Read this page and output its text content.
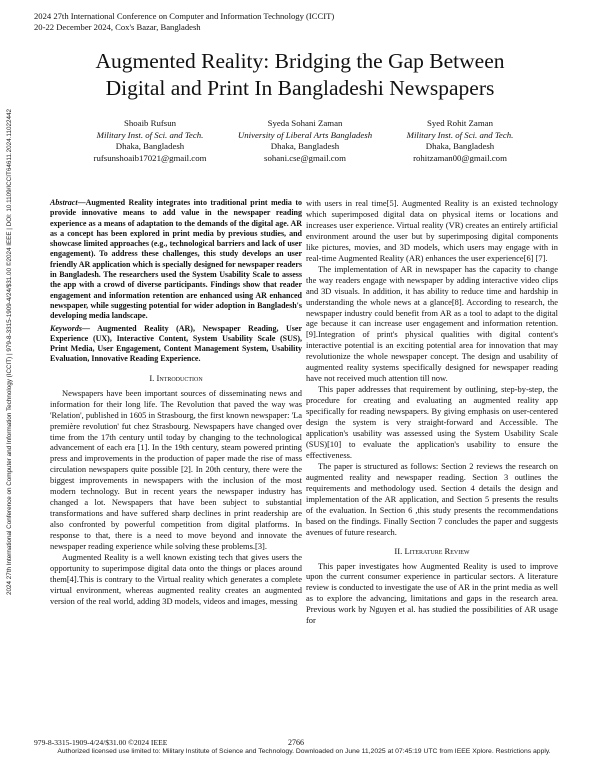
2024 27th International Conference on Computer and Information Technology (ICCIT)
20-22 December 2024, Cox's Bazar, Bangladesh
2024 27th International Conference on Computer and Information Technology (ICCIT) | 979-8-3315-1909-4/24/$31.00 ©2024 IEEE | DOI: 10.1109/ICCIT64611.2024.11022442
Augmented Reality: Bridging the Gap Between
Digital and Print In Bangladeshi Newspapers
Shoaib Rufsun
Military Inst. of Sci. and Tech.
Dhaka, Bangladesh
rufsunshoaib17021@gmail.com
Syeda Sohani Zaman
University of Liberal Arts Bangladesh
Dhaka, Bangladesh
sohani.cse@gmail.com
Syed Rohit Zaman
Military Inst. of Sci. and Tech.
Dhaka, Bangladesh
rohitzaman00@gmail.com
Abstract—Augmented Reality integrates into traditional print media to provide innovative means to add value in the newspaper reading experience as a means of adaptation to the demands of the digital age. AR as a concept has been explored in print media by previous studies, and showcase limited approaches (e.g., technological barriers and lack of user engagement). To address these challenges, this study develops an user friendly AR application which is specially designed for newspaper readers in Bangladesh. The researchers used the System Usability Scale to assess the app with a crowd of diverse participants. Findings show that reader engagement and information retention are enhanced using AR enhanced newspaper, while suggesting potential for wider adoption in Bangladesh's developing media landscape.
Keywords— Augmented Reality (AR), Newspaper Reading, User Experience (UX), Interactive Content, System Usability Scale (SUS), Print Media, User Engagement, Content Management System, Usability Evaluation, Innovative Reading Experience.
I. Introduction

Newspapers have been important sources of disseminating news and information for their long life. The Revolution that paved the way was 'Relation', published in 1605 in Strasbourg, the first known newspaper: 'La première revolution' fut chez Strasbourg. Newspapers have changed over time from the 17th century until today by changing to the technological advancement of each era [1]. In the 19th century, steam powered printing press and improvements in the production of paper made the rise of mass circulation newspapers quite possible [2]. In 20th century, there were the biggest improvements in newspapers with the inclusion of the most modern technology. But in recent years the newspaper industry has changed a lot. Newspapers that have been subject to substantial transformations and have suffered sharp declines in print readership are also confronted by powerful competition from digital platforms. In response to that, there is a need to move beyond and innovate the newspaper reading experience while solving these problems.[3].

Augmented Reality is a well known existing tech that gives users the opportunity to superimpose digital data onto the things or places around them[4].This is contrary to the Virtual reality which generates a complete virtual environment, whereas augmented reality creates an augmented version of the real world, adding 3D models, videos and images, messing

with users in real time[5]. Augmented Reality is an existed technology which superimposed digital data on physical items or locations and increases user experience. Virtual reality (VR) creates an entirely artificial environment around the user but by superimposing digital components like pictures, movies, and 3D models, which users may engage with in real-time Augmented Reality (AR) enhances the user experience[6] [7].

The implementation of AR in newspaper has the capacity to change the way readers engage with newspaper by adding interactive video clips and 3D visuals. In addition, it has ability to reduce time and hardship in understanding the whole news at a glance[8]. According to research, the newspaper industry could benefit from AR as a tool to adapt to the digital age because it can increase user engagement and information retention. [9].Integration of print's physical qualities with digital content's interactive potential is an exciting potential area for innovation that may revolutionize the whole newspaper concept. The design and usability of augmented reality systems specifically designed for newspaper reading have not received much attention till now.

This paper addresses that requirement by outlining, step-by-step, the procedure for creating and evaluating an augmented reality app specifically for reading newspapers. By giving emphasis on user-centered design the system is very straight-forward and Accessible. The application's usability was assessed using the System Usability Scale (SUS)[10] to evaluate the application's usability to ensure the effectiveness.

The paper is structured as follows: Section 2 reviews the research on augmented reality and newspaper reading. Section 3 outlines the requirements and methodology used. Section 4 details the design and implementation of the AR application, and Section 5 presents the results of the evaluation. In Section 6 ,this study presents the recommendations based on the findings. Finally Section 7 concludes the paper and suggests avenues of future research.

II. Literature Review

This paper investigates how Augmented Reality is used to improve upon the current consumer experience in particular sectors. A literature review is conducted to investigate the use of AR in the print media as well as to explore the advancing, limitations and gaps in the research area. Previous work by Nguyen et al. has studied the possibilities of AR usage for

979-8-3315-1909-4/24/$31.00 ©2024 IEEE	2766
Authorized licensed use limited to: Military Institute of Science and Technology. Downloaded on June 11,2025 at 07:45:19 UTC from IEEE Xplore. Restrictions apply.
